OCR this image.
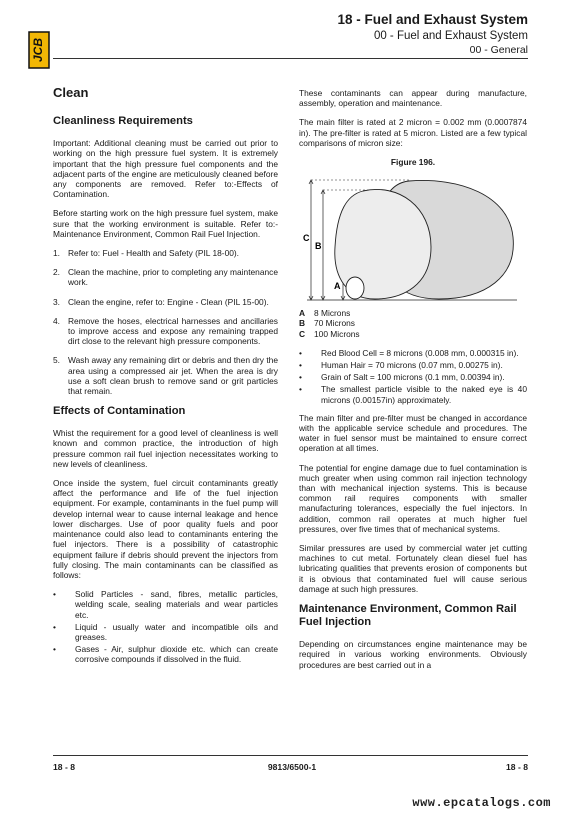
JCB
18 - Fuel and Exhaust System
00 - Fuel and Exhaust System
00 - General
Clean
Cleanliness Requirements

Important: Additional cleaning must be carried out prior to working on the high pressure fuel system. It is extremely important that the high pressure fuel components and the adjacent parts of the engine are meticulously cleaned before any components are removed. Refer to:-Effects of Contamination.

Before starting work on the high pressure fuel system, make sure that the working environment is suitable. Refer to:-Maintenance Environment, Common Rail Fuel Injection.

1. Refer to: Fuel - Health and Safety (PIL 18-00).
2. Clean the machine, prior to completing any maintenance work.
3. Clean the engine, refer to: Engine - Clean (PIL 15-00).
4. Remove the hoses, electrical harnesses and ancillaries to improve access and expose any remaining trapped dirt close to the relevant high pressure components.
5. Wash away any remaining dirt or debris and then dry the area using a compressed air jet. When the area is dry use a soft clean brush to remove sand or grit particles that remain.
Effects of Contamination

Whist the requirement for a good level of cleanliness is well known and common practice, the introduction of high pressure common rail fuel injection necessitates working to new levels of cleanliness.

Once inside the system, fuel circuit contaminants greatly affect the performance and life of the fuel injection equipment. For example, contaminants in the fuel pump will develop internal wear to cause internal leakage and hence lower discharges. Use of poor quality fuels and poor maintenance could also lead to contaminants entering the fuel injectors. There is a possibility of catastrophic equipment failure if debris should prevent the injectors from fully closing. The main contaminants can be classified as follows:

•	Solid Particles - sand, fibres, metallic particles, welding scale, sealing materials and wear particles etc.
•	Liquid - usually water and incompatible oils and greases.
•	Gases - Air, sulphur dioxide etc. which can create corrosive compounds if dissolved in the fluid.

These contaminants can appear during manufacture, assembly, operation and maintenance.

The main filter is rated at 2 micron = 0.002 mm (0.0007874 in). The pre-filter is rated at 5 micron. Listed are a few typical comparisons of micron size:

Figure 196.
C
B
A
A	8 Microns
B	70 Microns
C	100 Microns
•	Red Blood Cell = 8 microns (0.008 mm, 0.000315 in).
•	Human Hair = 70 microns (0.07 mm, 0.00275 in).
•	Grain of Salt = 100 microns (0.1 mm, 0.00394 in).
•	The smallest particle visible to the naked eye is 40 microns (0.00157in) approximately.

The main filter and pre-filter must be changed in accordance with the applicable service schedule and procedures. The water in fuel sensor must be maintained to ensure correct operation at all times.

The potential for engine damage due to fuel contamination is much greater when using common rail injection technology than with mechanical injection systems. This is because common rail requires components with smaller manufacturing tolerances, especially the fuel injectors. In addition, common rail operates at much higher fuel pressures, over five times that of mechanical systems.

Similar pressures are used by commercial water jet cutting machines to cut metal. Fortunately clean diesel fuel has lubricating qualities that prevents erosion of components but it is obvious that contaminated fuel will cause serious damage at such high pressures.

Maintenance Environment, Common Rail Fuel Injection

Depending on circumstances engine maintenance may be required in various working environments. Obviously procedures are best carried out in a

18 - 8	9813/6500-1	18 - 8
www.epcatalogs.com
